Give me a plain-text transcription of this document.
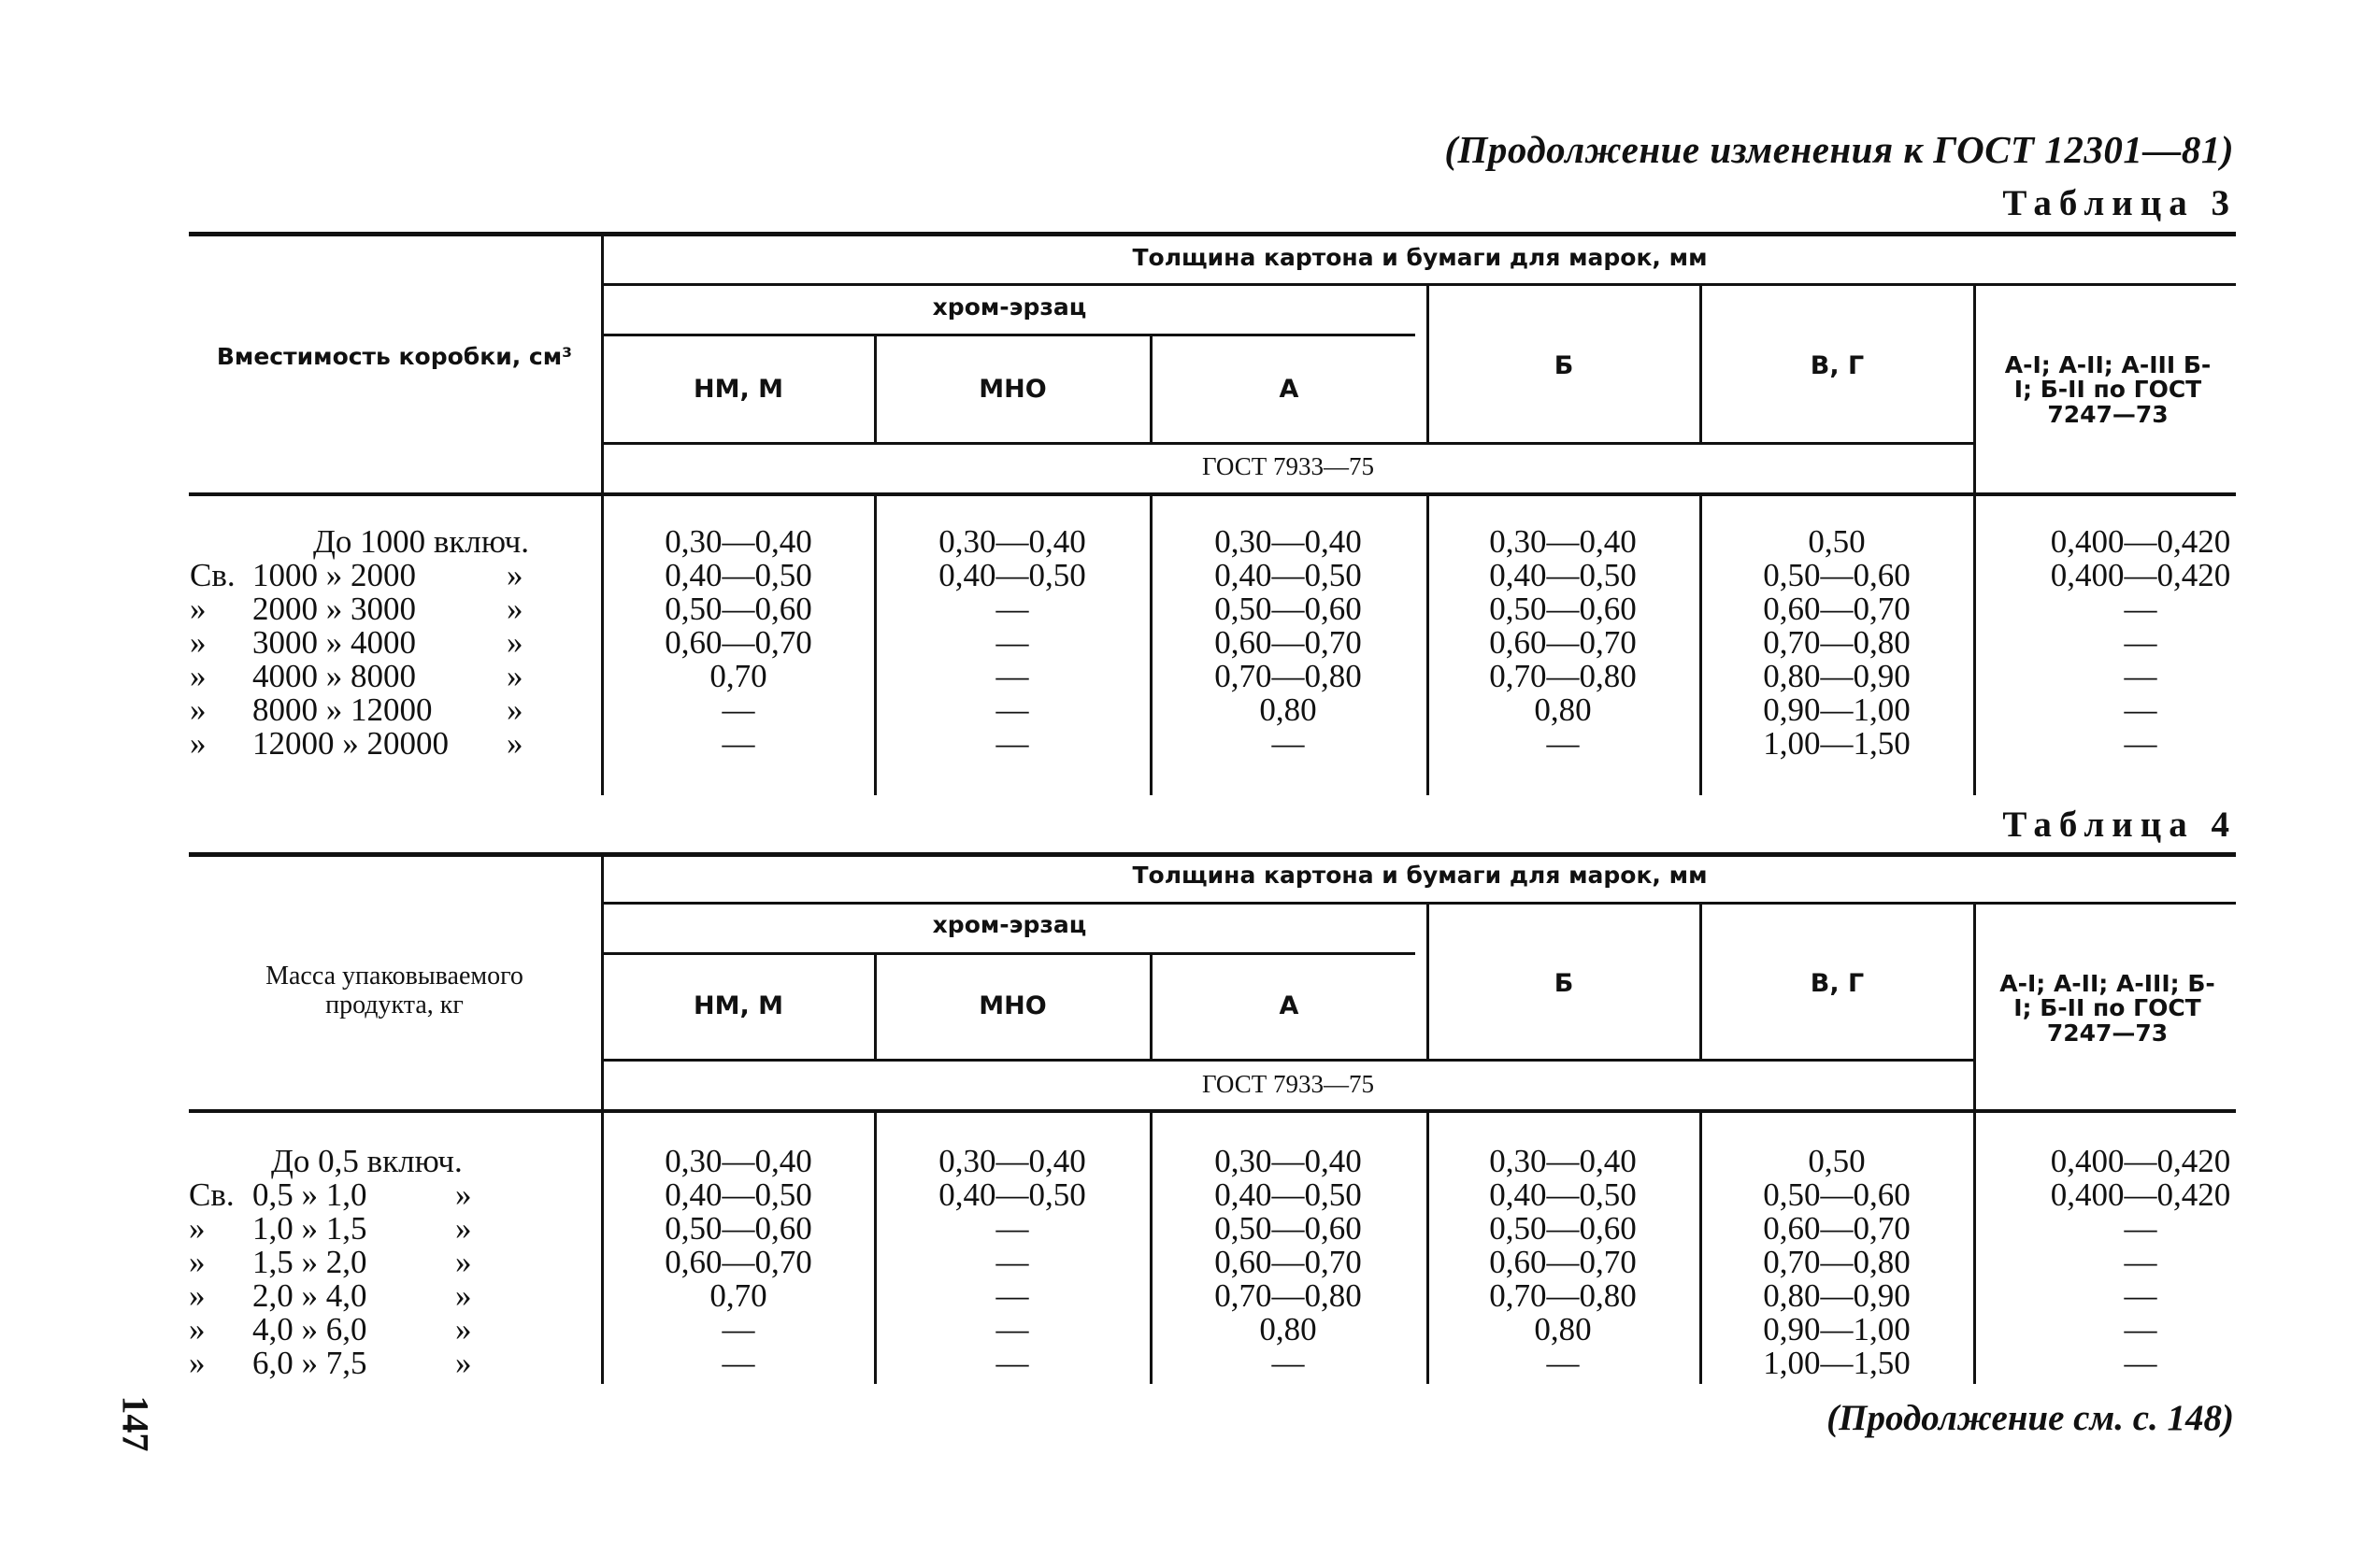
(Продолжение изменения к ГОСТ 12301—81)
Таблица 3
Таблица 4
(Продолжение см. с. 148)
147
Вместимость коробки, см³
Толщина картона и бумаги для марок, мм
хром-эрзац
НМ, М	МНО	А
Б	В, Г	А-I; А-II; А-III Б-I; Б-II по ГОСТ 7247—73
ГОСТ 7933—75
До 1000 включ.	0,30—0,40	0,30—0,40	0,30—0,40	0,30—0,40	0,50	0,400—0,420
Св. 1000 » 2000	»	0,40—0,50	0,40—0,50	0,40—0,50	0,40—0,50	0,50—0,60	0,400—0,420
» 2000 » 3000	»	0,50—0,60	—	0,50—0,60	0,50—0,60	0,60—0,70	—
» 3000 » 4000	»	0,60—0,70	—	0,60—0,70	0,60—0,70	0,70—0,80	—
» 4000 » 8000	»	0,70	—	0,70—0,80	0,70—0,80	0,80—0,90	—
» 8000 » 12000 »	—	—	0,80	0,80	0,90—1,00	—
» 12000 » 20000 »	—	—	—	—	1,00—1,50	—
Масса упаковываемого продукта, кг
Толщина картона и бумаги для марок, мм
хром-эрзац
НМ, М	МНО	А
Б	В, Г	А-I; А-II; А-III; Б-I; Б-II по ГОСТ 7247—73
ГОСТ 7933—75
До 0,5 включ.	0,30—0,40	0,30—0,40	0,30—0,40	0,30—0,40	0,50	0,400—0,420
Св. 0,5 » 1,0	»	0,40—0,50	0,40—0,50	0,40—0,50	0,40—0,50	0,50—0,60	0,400—0,420
» 1,0 » 1,5	»	0,50—0,60	—	0,50—0,60	0,50—0,60	0,60—0,70	—
» 1,5 » 2,0	»	0,60—0,70	—	0,60—0,70	0,60—0,70	0,70—0,80	—
» 2,0 » 4,0	»	0,70	—	0,70—0,80	0,70—0,80	0,80—0,90	—
» 4,0 » 6,0	»	—	—	0,80	0,80	0,90—1,00	—
» 6,0 » 7,5	»	—	—	—	—	1,00—1,50	—
